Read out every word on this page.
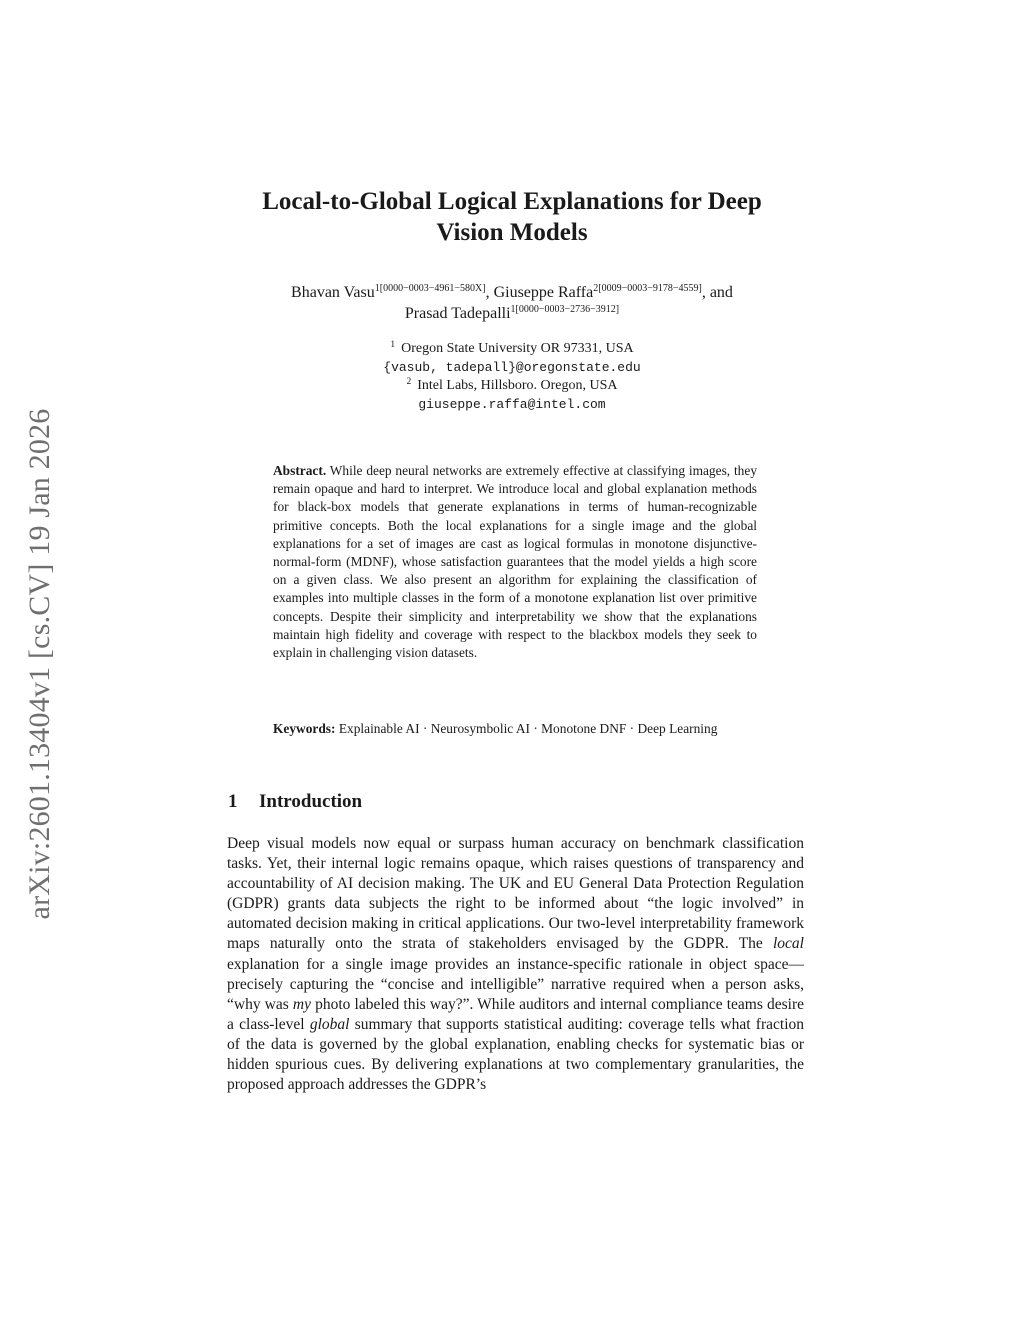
arXiv:2601.13404v1 [cs.CV] 19 Jan 2026
Local-to-Global Logical Explanations for Deep
Vision Models
Bhavan Vasu$^{1[0000-0003-4961-580X]}$, Giuseppe Raffa$^{2[0009-0003-9178-4559]}$, and
Prasad Tadepalli$^{1[0000-0003-2736-3912]}$
$^1$ Oregon State University OR 97331, USA
{vasub, tadepall}@oregonstate.edu
$^2$ Intel Labs, Hillsboro. Oregon, USA
giuseppe.raffa@intel.com

Abstract. While deep neural networks are extremely effective at classifying images, they remain opaque and hard to interpret. We introduce local and global explanation methods for black-box models that generate explanations in terms of human-recognizable primitive concepts. Both the local explanations for a single image and the global explanations for a set of images are cast as logical formulas in monotone disjunctive-normal-form (MDNF), whose satisfaction guarantees that the model yields a high score on a given class. We also present an algorithm for explaining the classification of examples into multiple classes in the form of a monotone explanation list over primitive concepts. Despite their simplicity and interpretability we show that the explanations maintain high fidelity and coverage with respect to the blackbox models they seek to explain in challenging vision datasets.

Keywords: Explainable AI · Neurosymbolic AI · Monotone DNF · Deep Learning

1 Introduction

Deep visual models now equal or surpass human accuracy on benchmark classification tasks. Yet, their internal logic remains opaque, which raises questions of transparency and accountability of AI decision making. The UK and EU General Data Protection Regulation (GDPR) grants data subjects the right to be informed about “the logic involved” in automated decision making in critical applications. Our two-level interpretability framework maps naturally onto the strata of stakeholders envisaged by the GDPR. The local explanation for a single image provides an instance-specific rationale in object space—precisely capturing the “concise and intelligible” narrative required when a person asks, “why was my photo labeled this way?”. While auditors and internal compliance teams desire a class-level global summary that supports statistical auditing: coverage tells what fraction of the data is governed by the global explanation, enabling checks for systematic bias or hidden spurious cues. By delivering explanations at two complementary granularities, the proposed approach addresses the GDPR’s
